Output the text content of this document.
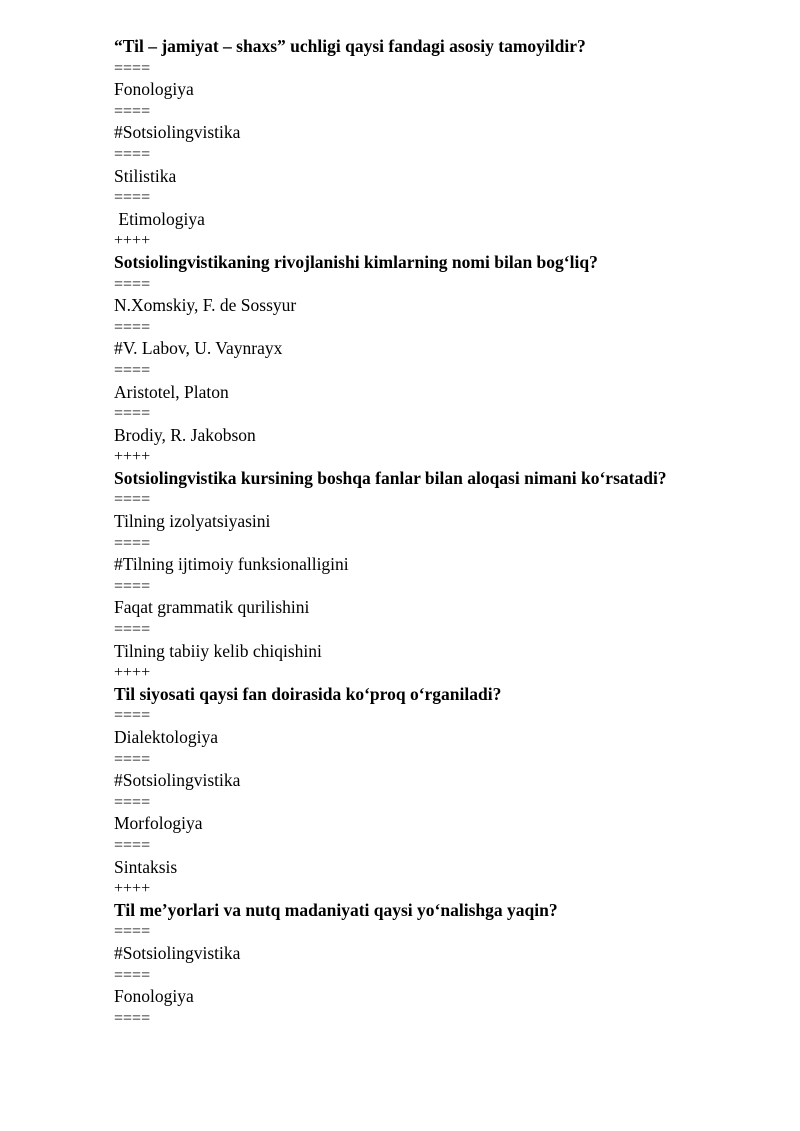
“Til – jamiyat – shaxs” uchligi qaysi fandagi asosiy tamoyildir?
====
Fonologiya
====
#Sotsiolingvistika
====
Stilistika
====
Etimologiya
++++
Sotsiolingvistikaning rivojlanishi kimlarning nomi bilan bog‘liq?
====
N.Xomskiy, F. de Sossyur
====
#V. Labov, U. Vaynrayx
====
Aristotel, Platon
====
Brodiy, R. Jakobson
++++
Sotsiolingvistika kursining boshqa fanlar bilan aloqasi nimani ko‘rsatadi?
====
Tilning izolyatsiyasini
====
#Tilning ijtimoiy funksionalligini
====
Faqat grammatik qurilishini
====
Tilning tabiiy kelib chiqishini
++++
Til siyosati qaysi fan doirasida ko‘proq o‘rganiladi?
====
Dialektologiya
====
#Sotsiolingvistika
====
Morfologiya
====
Sintaksis
++++
Til me’yorlari va nutq madaniyati qaysi yo‘nalishga yaqin?
====
#Sotsiolingvistika
====
Fonologiya
====
